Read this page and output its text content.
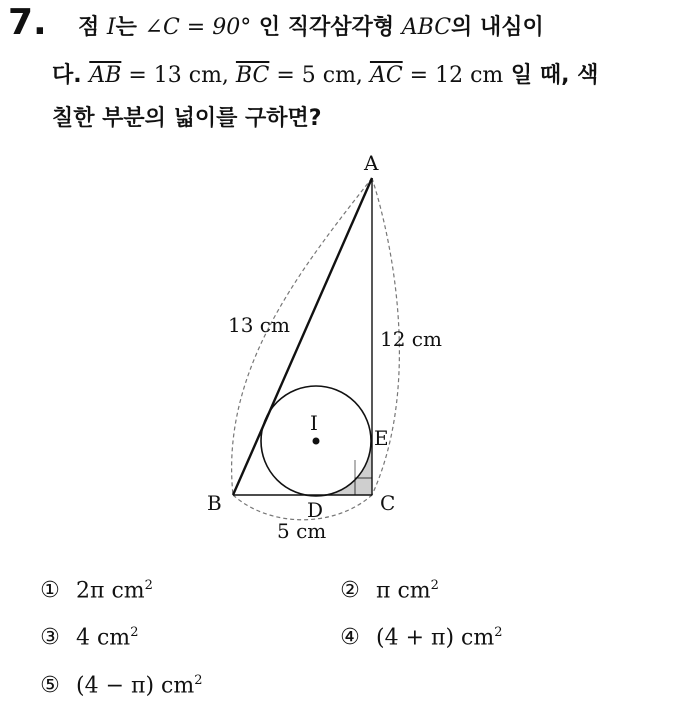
7. 점 I는 ∠C = 90° 인 직각삼각형 ABC의 내심이
다. $\overline{AB} = 13$ cm, $\overline{BC} = 5$ cm, $\overline{AC} = 12$ cm 일 때, 색
칠한 부분의 넓이를 구하면?
A
B	C
I
D
E
13 cm
12 cm
5 cm
① 2π $cm^2$	② π $cm^2$
③ 4 $cm^2$	④ (4 + π) $cm^2$
⑤ (4 − π) $cm^2$
